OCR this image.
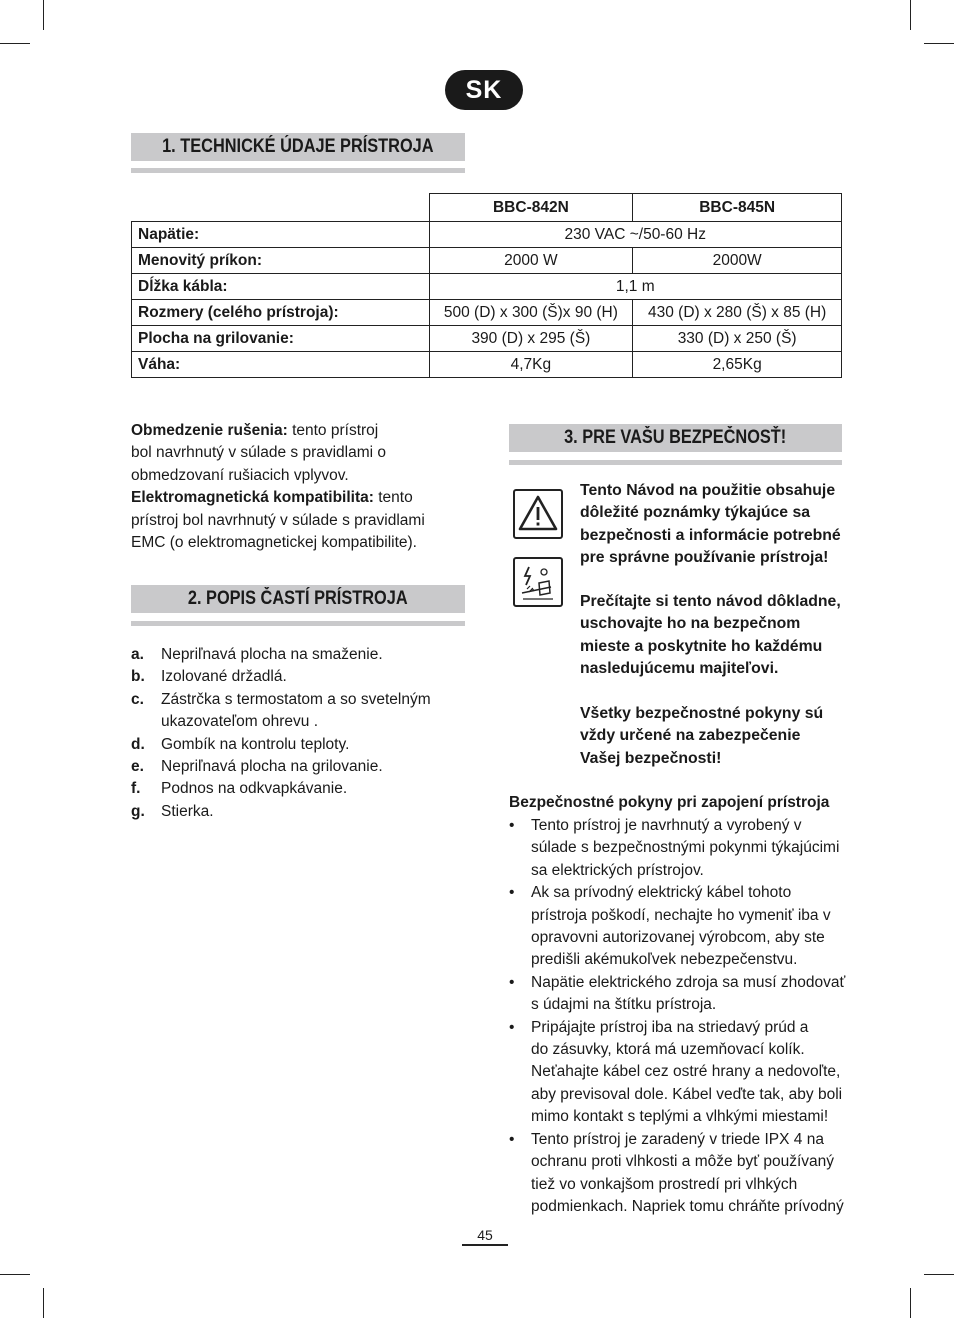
SK
1. TECHNICKÉ ÚDAJE PRÍSTROJA
	BBC-842N	BBC-845N
Napätie:	230 VAC ~/50-60 Hz	
Menovitý príkon:	2000 W	2000W
Dĺžka kábla:	1,1 m	
Rozmery (celého prístroja):	500 (D) x 300 (Š)x 90 (H)	430 (D) x 280 (Š) x 85 (H)
Plocha na grilovanie:	390 (D) x 295 (Š)	330 (D) x 250 (Š)
Váha:	4,7Kg	2,65Kg
Obmedzenie rušenia: tento prístroj
bol navrhnutý v súlade s pravidlami o
obmedzovaní rušiacich vplyvov.
Elektromagnetická kompatibilita: tento
prístroj bol navrhnutý v súlade s pravidlami
EMC (o elektromagnetickej kompatibilite).
2. POPIS ČASTÍ PRÍSTROJA
a. Nepriľnavá plocha na smaženie.
b. Izolované držadlá.
c. Zástrčka s termostatom a so svetelným
ukazovateľom ohrevu .
d. Gombík na kontrolu teploty.
e. Nepriľnavá plocha na grilovanie.
f. Podnos na odkvapkávanie.
g. Stierka.
3. PRE VAŠU BEZPEČNOSŤ!
Tento Návod na použitie obsahuje
dôležité poznámky týkajúce sa
bezpečnosti a informácie potrebné
pre správne používanie prístroja!
Prečítajte si tento návod dôkladne,
uschovajte ho na bezpečnom
mieste a poskytnite ho každému
nasledujúcemu majiteľovi.
Všetky bezpečnostné pokyny sú
vždy určené na zabezpečenie
Vašej bezpečnosti!
Bezpečnostné pokyny pri zapojení prístroja
• Tento prístroj je navrhnutý a vyrobený v
súlade s bezpečnostnými pokynmi týkajúcimi
sa elektrických prístrojov.
• Ak sa prívodný elektrický kábel tohoto
prístroja poškodí, nechajte ho vymeniť iba v
opravovni autorizovanej výrobcom, aby ste
predišli akémukoľvek nebezpečenstvu.
• Napätie elektrického zdroja sa musí zhodovať
s údajmi na štítku prístroja.
• Pripájajte prístroj iba na striedavý prúd a
do zásuvky, ktorá má uzemňovací kolík.
Neťahajte kábel cez ostré hrany a nedovoľte,
aby previsoval dole. Kábel veďte tak, aby boli
mimo kontakt s teplými a vlhkými miestami!
• Tento prístroj je zaradený v triede IPX 4 na
ochranu proti vlhkosti a môže byť používaný
tiež vo vonkajšom prostredí pri vlhkých
podmienkach. Napriek tomu chráňte prívodný
45
